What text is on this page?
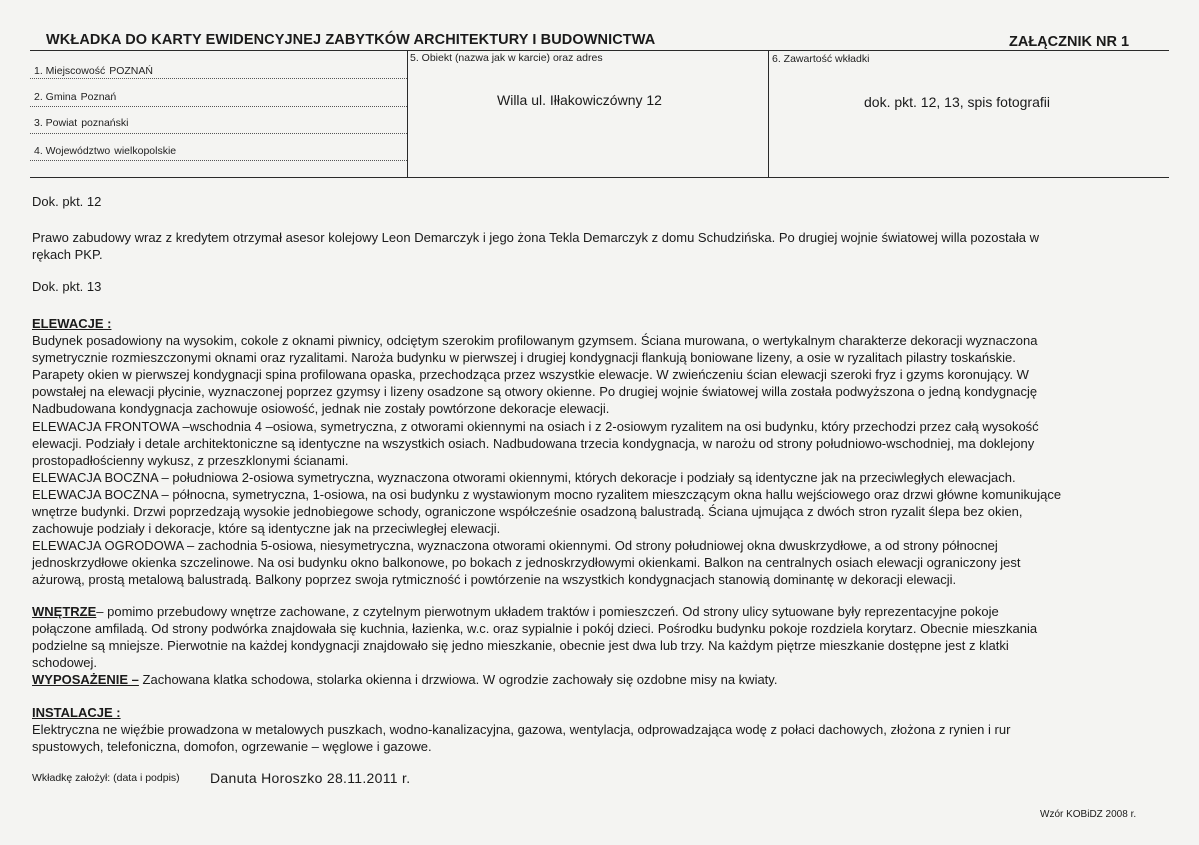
WKŁADKA DO KARTY EWIDENCYJNEJ ZABYTKÓW ARCHITEKTURY I BUDOWNICTWA	ZAŁĄCZNIK NR 1
1. Miejscowość POZNAŃ
2. Gmina Poznań
3. Powiat poznański
4. Województwo wielkopolskie
5. Obiekt (nazwa jak w karcie) oraz adres
Willa ul. Iłłakowiczówny 12
6. Zawartość wkładki
dok. pkt. 12, 13, spis fotografii
Dok. pkt. 12
Prawo zabudowy wraz z kredytem otrzymał asesor kolejowy Leon Demarczyk i jego żona Tekla Demarczyk z domu Schudzińska. Po drugiej wojnie światowej willa pozostała w
rękach PKP.
Dok. pkt. 13
ELEWACJE :
Budynek posadowiony na wysokim, cokole z oknami piwnicy, odciętym szerokim profilowanym gzymsem. Ściana murowana, o wertykalnym charakterze dekoracji wyznaczona
symetrycznie rozmieszczonymi oknami oraz ryzalitami. Naroża budynku w pierwszej i drugiej kondygnacji flankują boniowane lizeny, a osie w ryzalitach pilastry toskańskie.
Parapety okien w pierwszej kondygnacji spina profilowana opaska, przechodząca przez wszystkie elewacje. W zwieńczeniu ścian elewacji szeroki fryz i gzyms koronujący. W
powstałej na elewacji płycinie, wyznaczonej poprzez gzymsy i lizeny osadzone są otwory okienne. Po drugiej wojnie światowej willa została podwyższona o jedną kondygnację
Nadbudowana kondygnacja zachowuje osiowość, jednak nie zostały powtórzone dekoracje elewacji.
ELEWACJA FRONTOWA –wschodnia 4 –osiowa, symetryczna, z otworami okiennymi na osiach i z 2-osiowym ryzalitem na osi budynku, który przechodzi przez całą wysokość
elewacji. Podziały i detale architektoniczne są identyczne na wszystkich osiach. Nadbudowana trzecia kondygnacja, w narożu od strony południowo-wschodniej, ma doklejony
prostopadłościenny wykusz, z przeszklonymi ścianami.
ELEWACJA BOCZNA – południowa 2-osiowa symetryczna, wyznaczona otworami okiennymi, których dekoracje i podziały są identyczne jak na przeciwległych elewacjach.
ELEWACJA BOCZNA – północna, symetryczna, 1-osiowa, na osi budynku z wystawionym mocno ryzalitem mieszczącym okna hallu wejściowego oraz drzwi główne komunikujące
wnętrze budynki. Drzwi poprzedzają wysokie jednobiegowe schody, ograniczone współcześnie osadzoną balustradą. Ściana ujmująca z dwóch stron ryzalit ślepa bez okien,
zachowuje podziały i dekoracje, które są identyczne jak na przeciwległej elewacji.
ELEWACJA OGRODOWA – zachodnia 5-osiowa, niesymetryczna, wyznaczona otworami okiennymi. Od strony południowej okna dwuskrzydłowe, a od strony północnej
jednoskrzydłowe okienka szczelinowe. Na osi budynku okno balkonowe, po bokach z jednoskrzydłowymi okienkami. Balkon na centralnych osiach elewacji ograniczony jest
ażurową, prostą metalową balustradą. Balkony poprzez swoja rytmiczność i powtórzenie na wszystkich kondygnacjach stanowią dominantę w dekoracji elewacji.
WNĘTRZE– pomimo przebudowy wnętrze zachowane, z czytelnym pierwotnym układem traktów i pomieszczeń. Od strony ulicy sytuowane były reprezentacyjne pokoje
połączone amfiladą. Od strony podwórka znajdowała się kuchnia, łazienka, w.c. oraz sypialnie i pokój dzieci. Pośrodku budynku pokoje rozdziela korytarz. Obecnie mieszkania
podzielne są mniejsze. Pierwotnie na każdej kondygnacji znajdowało się jedno mieszkanie, obecnie jest dwa lub trzy. Na każdym piętrze mieszkanie dostępne jest z klatki
schodowej.
WYPOSAŻENIE – Zachowana klatka schodowa, stolarka okienna i drzwiowa. W ogrodzie zachowały się ozdobne misy na kwiaty.
INSTALACJE :
Elektryczna ne więźbie prowadzona w metalowych puszkach, wodno-kanalizacyjna, gazowa, wentylacja, odprowadzająca wodę z połaci dachowych, złożona z rynien i rur
spustowych, telefoniczna, domofon, ogrzewanie – węglowe i gazowe.
Wkładkę założył: (data i podpis) Danuta Horoszko 28.11.2011 r.
Wzór KOBiDZ 2008 r.
